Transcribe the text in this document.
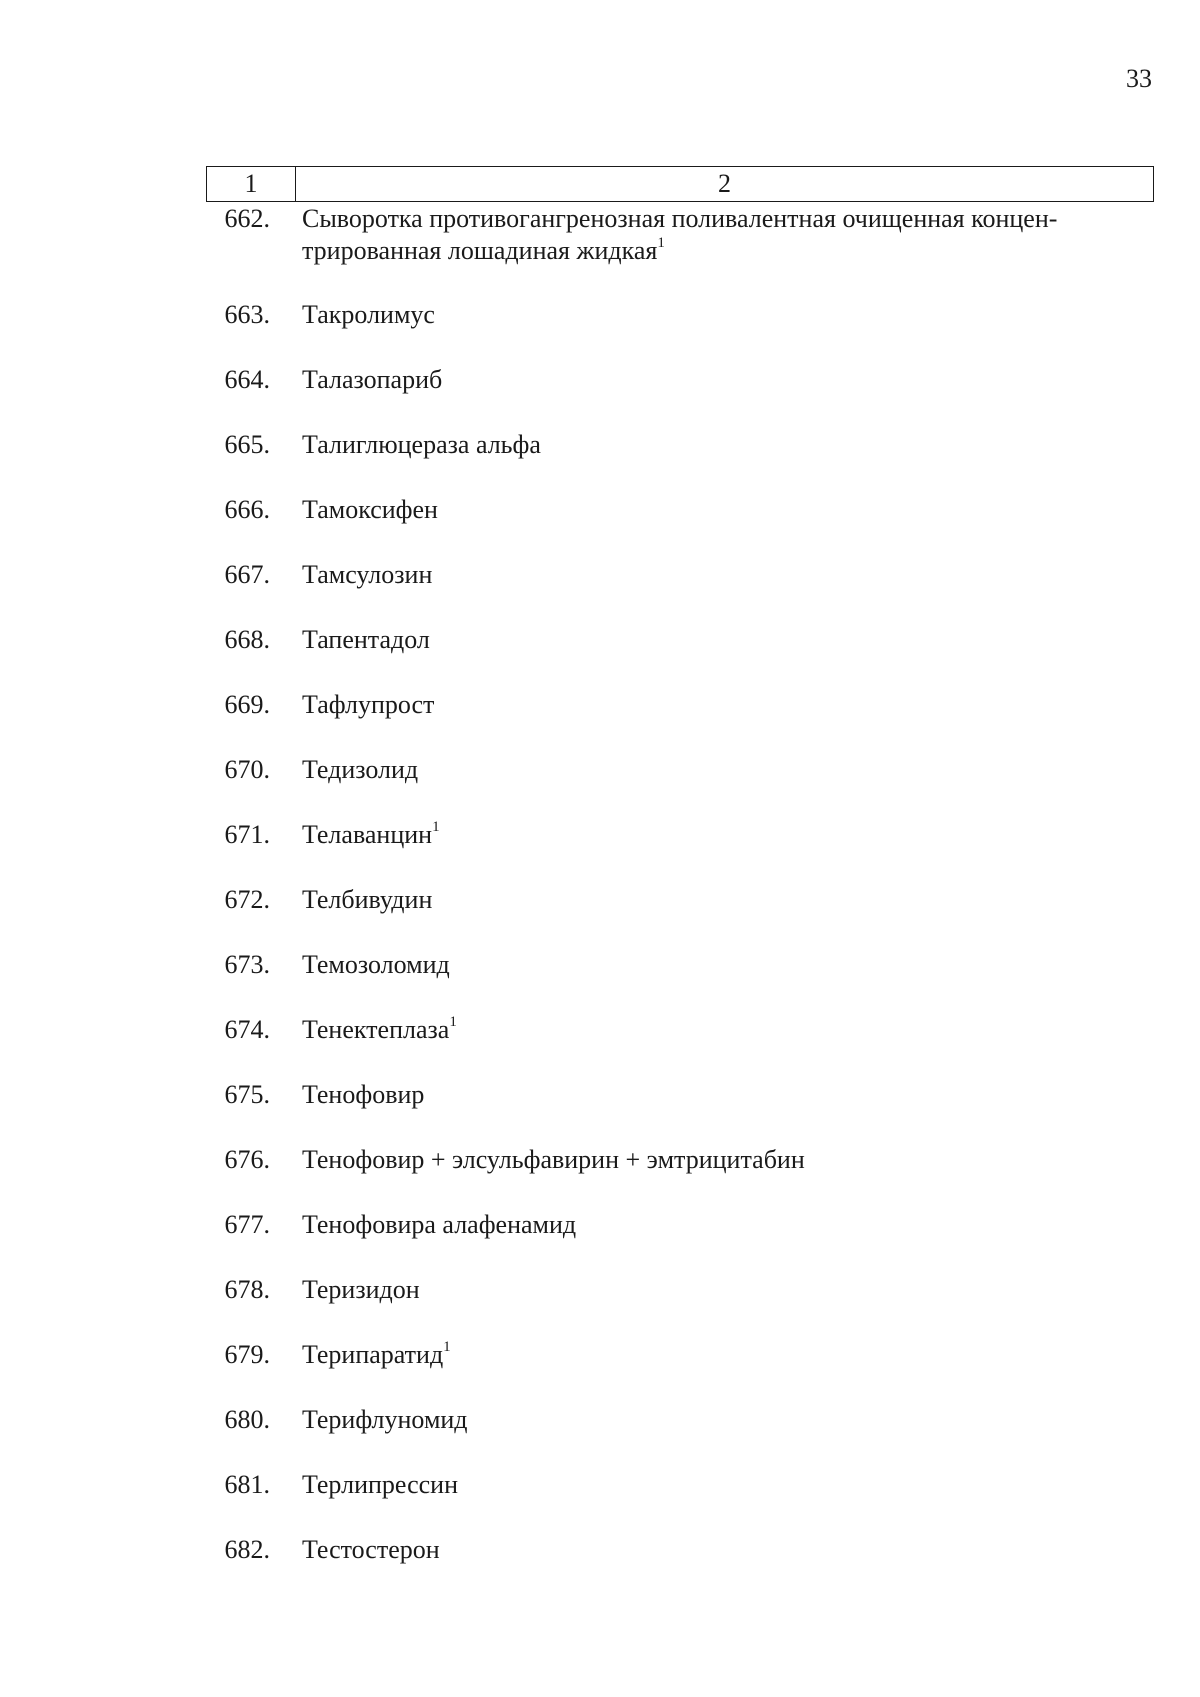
33
1	2
662. Сыворотка противогангренозная поливалентная очищенная концен-
трированная лошадиная жидкая$^1$
663. Такролимус
664. Талазопариб
665. Талиглюцераза альфа
666. Тамоксифен
667. Тамсулозин
668. Тапентадол
669. Тафлупрост
670. Тедизолид
671. Телаванцин$^1$
672. Телбивудин
673. Темозоломид
674. Тенектеплаза$^1$
675. Тенофовир
676. Тенофовир + элсульфавирин + эмтрицитабин
677. Тенофовира алафенамид
678. Теризидон
679. Терипаратид$^1$
680. Терифлуномид
681. Терлипрессин
682. Тестостерон
